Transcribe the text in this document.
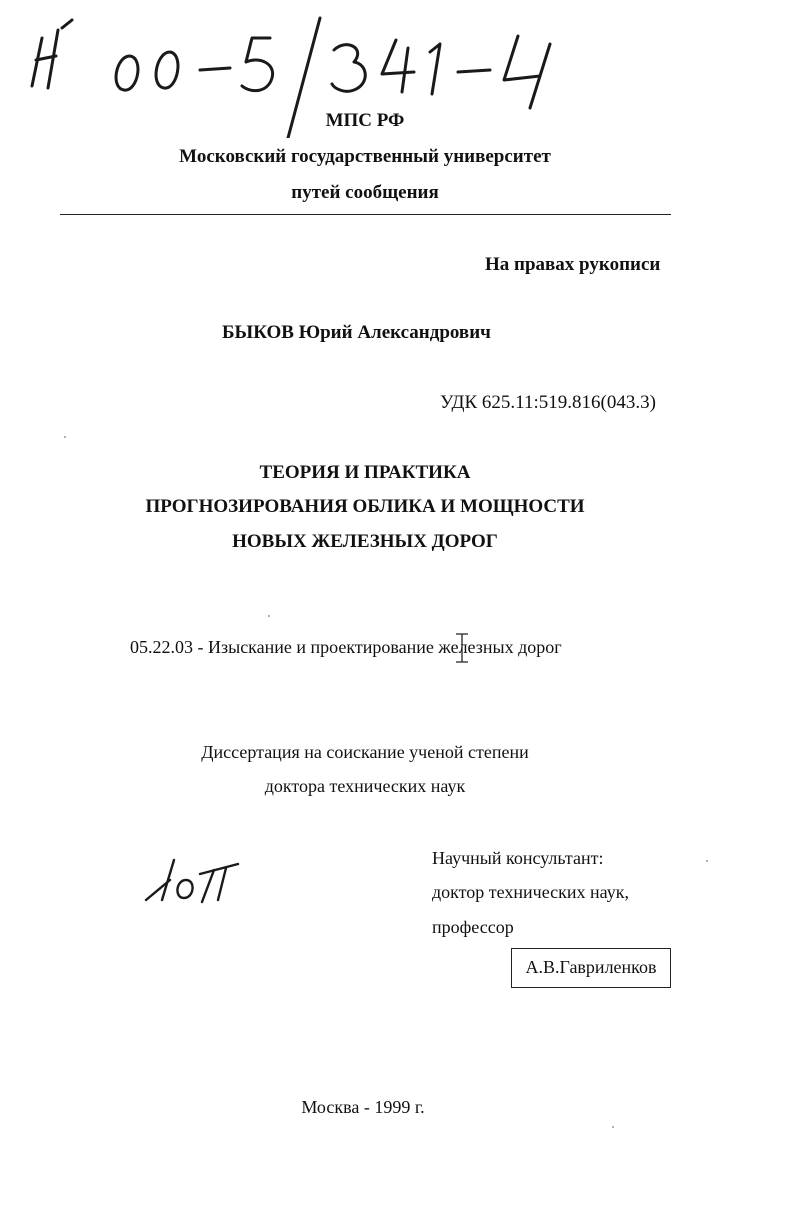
МПС РФ
Московский государственный университет
путей сообщения
На правах рукописи
БЫКОВ Юрий Александрович
УДК 625.11:519.816(043.3)
ТЕОРИЯ И ПРАКТИКА
ПРОГНОЗИРОВАНИЯ ОБЛИКА И МОЩНОСТИ
НОВЫХ ЖЕЛЕЗНЫХ ДОРОГ
05.22.03 - Изыскание и проектирование железных дорог
Диссертация на соискание ученой степени
доктора технических наук
Научный консультант:
доктор технических наук,
профессор
А.В.Гавриленков
Москва - 1999 г.
